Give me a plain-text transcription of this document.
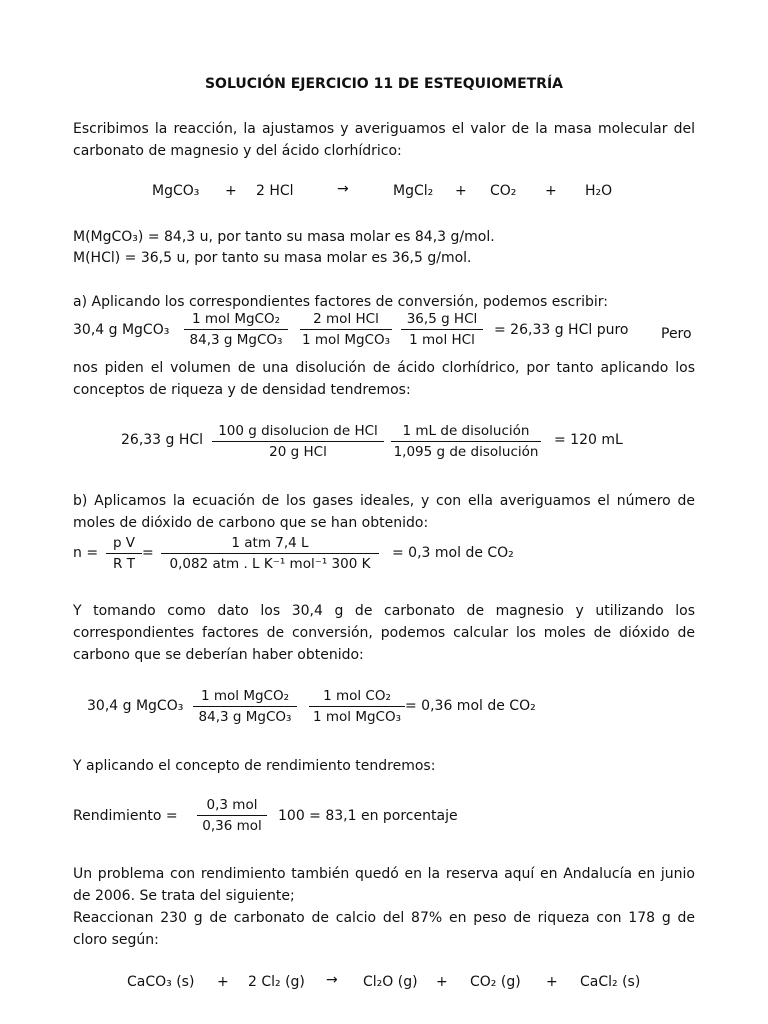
SOLUCIÓN EJERCICIO 11 DE ESTEQUIOMETRÍA
Escribimos la reacción, la ajustamos y averiguamos el valor de la masa molecular del carbonato de magnesio y del ácido clorhídrico:
MgCO₃ + 2 HCl	→	MgCl₂ + CO₂ + H₂O
M(MgCO₃) = 84,3 u, por tanto su masa molar es 84,3 g/mol.
M(HCl) = 36,5 u, por tanto su masa molar es 36,5 g/mol.
a) Aplicando los correspondientes factores de conversión, podemos escribir:
30,4 g MgCO₃
1 mol MgCO₂
84,3 g MgCO₃
2 mol HCl
1 mol MgCO₃
36,5 g HCl
1 mol HCl
= 26,33 g HCl puro Pero
nos piden el volumen de una disolución de ácido clorhídrico, por tanto aplicando los conceptos de riqueza y de densidad tendremos:
26,33 g HCl
100 g disolucion de HCl
20 g HCl
1 mL de disolución
1,095 g de disolución
= 120 mL
b) Aplicamos la ecuación de los gases ideales, y con ella averiguamos el número de moles de dióxido de carbono que se han obtenido:
n =
p V
R T
=
1 atm 7,4 L
0,082 atm . L K⁻¹ mol⁻¹ 300 K
= 0,3 mol de CO₂
Y tomando como dato los 30,4 g de carbonato de magnesio y utilizando los correspondientes factores de conversión, podemos calcular los moles de dióxido de carbono que se deberían haber obtenido:
30,4 g MgCO₃
1 mol MgCO₂
84,3 g MgCO₃
1 mol CO₂
1 mol MgCO₃
= 0,36 mol de CO₂
Y aplicando el concepto de rendimiento tendremos:
Rendimiento =
0,3 mol
0,36 mol
100 = 83,1 en porcentaje
Un problema con rendimiento también quedó en la reserva aquí en Andalucía en junio de 2006. Se trata del siguiente;
Reaccionan 230 g de carbonato de calcio del 87% en peso de riqueza con 178 g de cloro según:
CaCO₃ (s) + 2 Cl₂ (g) → Cl₂O (g) + CO₂ (g) + CaCl₂ (s)
